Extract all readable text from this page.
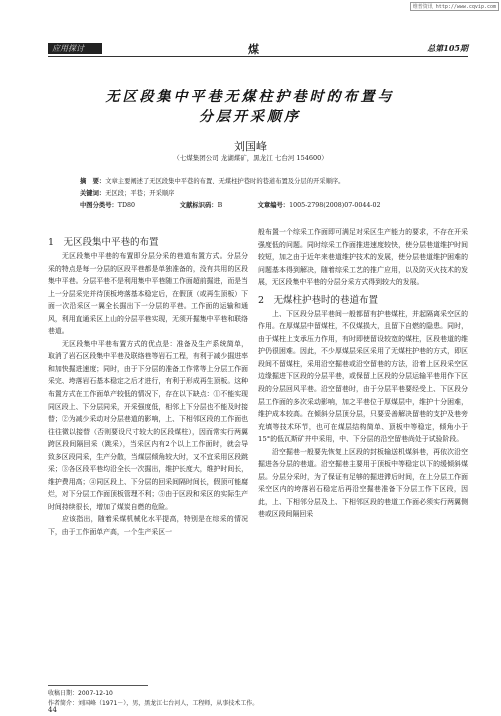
维普资讯 http://www.cqvip.com
应用探讨	煤	总第105期
无区段集中平巷无煤柱护巷时的布置与
分层开采顺序
刘国峰
（七煤集团公司 龙湖煤矿，黑龙江 七台河 154600）
摘　要：文章主要阐述了无区段集中平巷的布置、无煤柱护巷时的巷道布置及分层的开采顺序。
关键词：无区段；平巷；开采顺序
中图分类号：TD80	文献标识码：B	文章编号：1005-2798(2008)07-0044-02

1　无区段集中平巷的布置

无区段集中平巷的布置即分层分采的巷道布置方式。分层分采的特点是每一分层的区段平巷都是单独准备的，没有共用的区段集中平巷。分层平巷不是利用集中平巷随工作面超前掘进，而是当上一分层采完并待顶板垮落基本稳定后，在假顶（或再生顶板）下面一次沿采区一翼全长掘出下一分层的平巷。工作面的运输和通风，利用直通采区上山的分层平巷实现，无须开掘集中平巷和联络巷道。

无区段集中平巷布置方式的优点是：准备及生产系统简单，取消了岩石区段集中平巷及联络巷等岩石工程，有利于减少掘进率和加快掘进速度；同时，由于下分层的准备工作常等上分层工作面采完、垮落岩石基本稳定之后才进行，有利于形成再生顶板。这种布置方式在工作面单产较低的情况下，存在以下缺点：①不能实现同区段上、下分层同采，开采强度低，相邻上下分层也不能及时接替；②为减少采动对分层巷道的影响，上、下相邻区段的工作面也往往微以接替（否则要设尺寸较大的区段煤柱），因而常实行两翼跨区段间隔回采（跳采），当采区内有2个以上工作面时，就会导致多区段同采，生产分散，当煤层倾角较大时，又不宜采用区段跳采；③各区段平巷均沿全长一次掘出，维护长度大，维护时间长，维护费用高；④同区段上、下分层的回采间隔时间长，假顶可能腐烂，对下分层工作面顶板管理不利；⑤由于区段和采区的实际生产时间持续很长，增加了煤炭自燃的危险。

应该指出，随着采煤机械化水平提高，特别是在综采的情况下，由于工作面单产高，一个生产采区一

般布置一个综采工作面即可满足对采区生产能力的要求，不存在开采强度低的问题。同时综采工作面推进速度较快，使分层巷道维护时间较短，加之由于近年来巷道维护技术的发展，使分层巷道维护困难的问题基本得到解决，随着综采工艺的推广应用，以及防灭火技术的发展，无区段集中平巷的分层分采方式得到较大的发展。

2　无煤柱护巷时的巷道布置

上、下区段分层平巷间一般都留有护巷煤柱，并起隔离采空区的作用。在厚煤层中留煤柱，不仅煤损大，且留下自燃的隐患。同时，由于煤柱上支承压力作用，有时即使留设较宽的煤柱，区段巷道的维护仍很困难。因此，不少厚煤层采区采用了无煤柱护巷的方式，即区段间不留煤柱，采用沿空掘巷或沿空留巷的方法，沿着上区段采空区边缘掘进下区段的分层平巷，或保留上区段的分层运输平巷用作下区段的分层回风平巷。沿空留巷时，由于分层平巷要经受上、下区段分层工作面的多次采动影响，加之平巷位于厚煤层中，维护十分困难，维护成本较高。在倾斜分层顶分层，只要妥善解决留巷的支护及巷旁充填等技术环节，也可在煤层结构简单、顶板中等稳定，倾角小于15°的低瓦斯矿井中采用，中、下分层的沿空留巷尚处于试验阶段。

沿空掘巷一般要先恢复上区段的封板输送机煤斜巷，再依次沿空掘进各分层的巷道。沿空掘巷主要用于顶板中等稳定以下的缓倾斜煤层。分层分采时，为了保证有足够的掘进滞后时间，在上分层工作面采空区内的垮落岩石稳定后再沿空掘巷准备下分层工作下区段，因此，上、下相邻分层及上、下相邻区段的巷道工作面必须实行两翼侧巷或区段间隔回采

收稿日期：2007-12-10
作者简介：刘国峰（1971－），男，黑龙江七台河人，工程师，从事技术工作。
44
